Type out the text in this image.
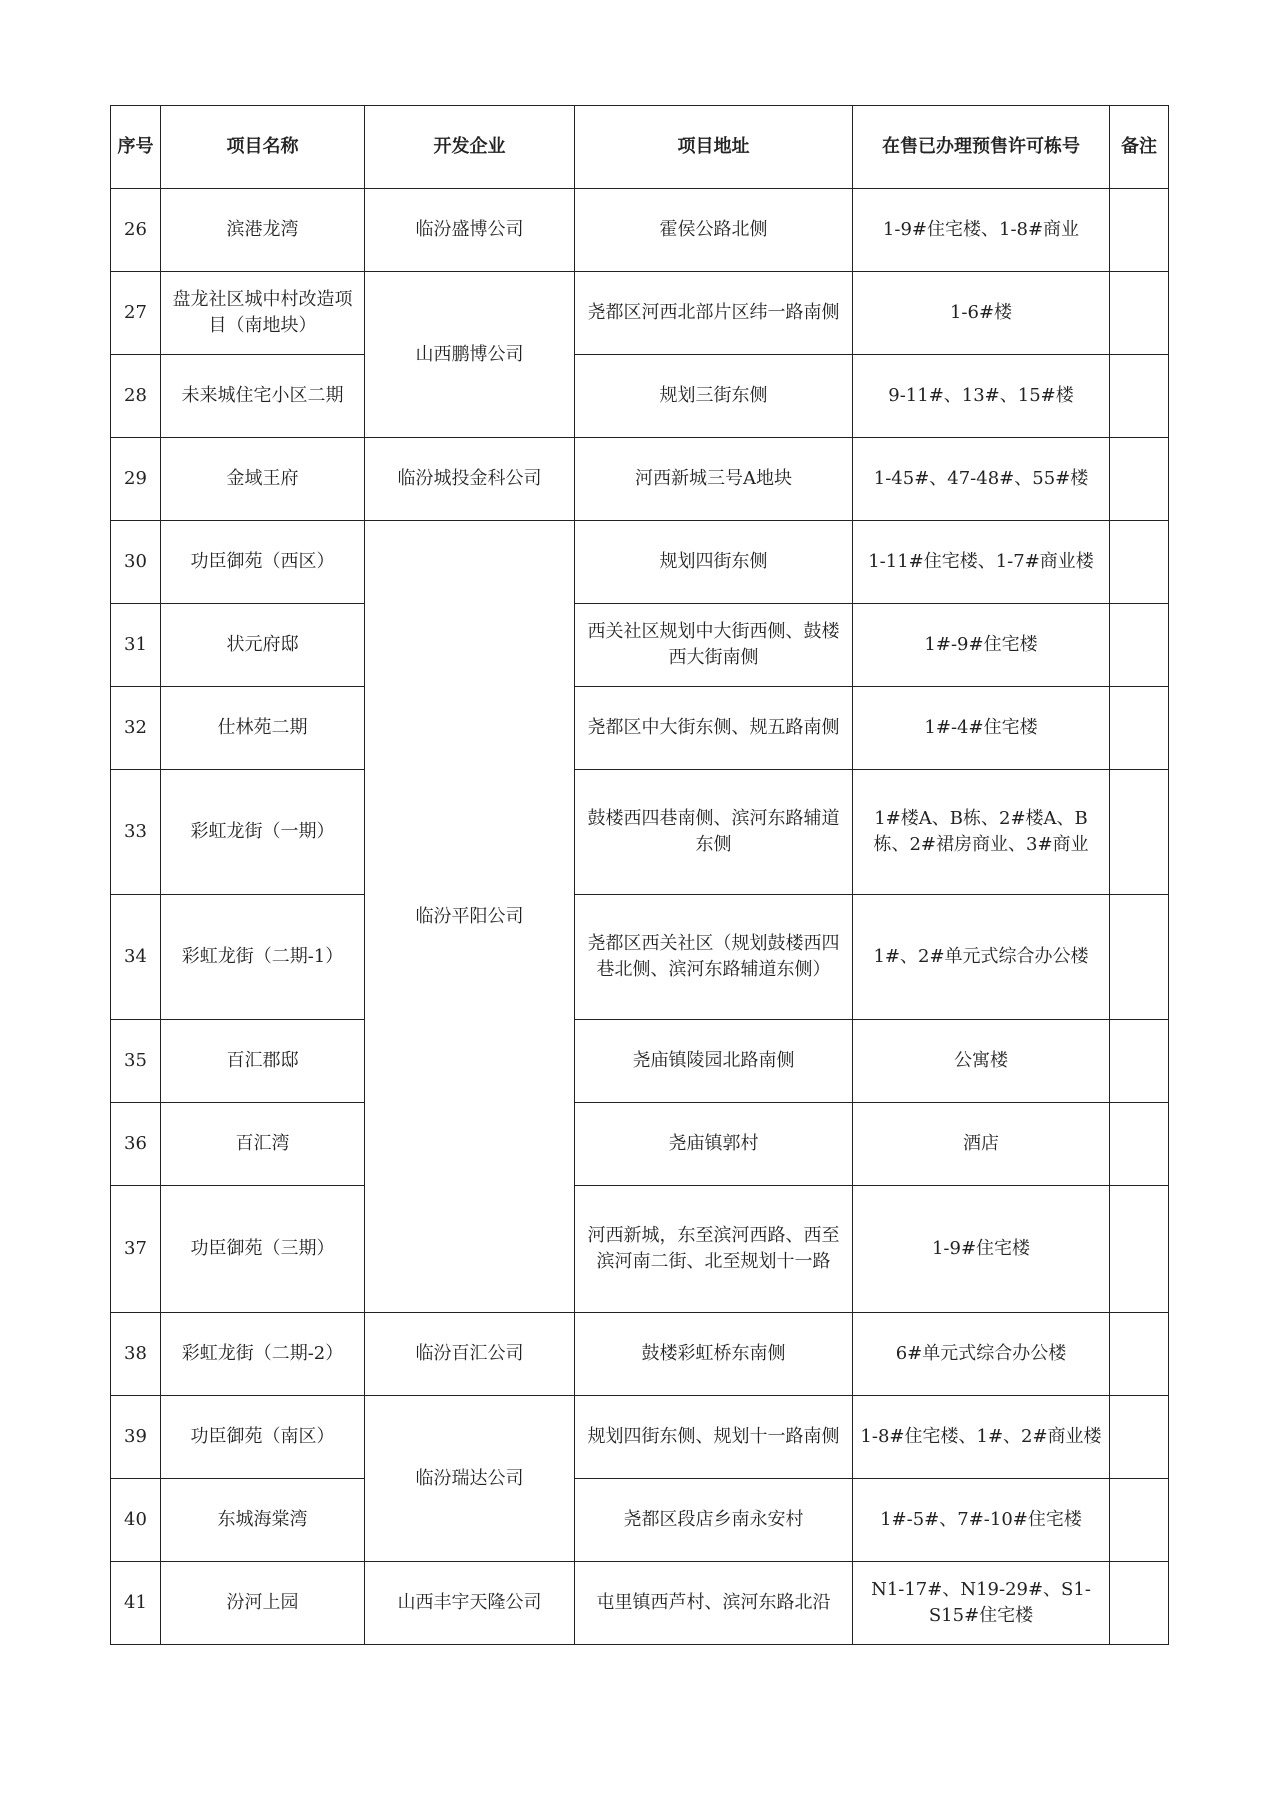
序号	项目名称	开发企业	项目地址	在售已办理预售许可栋号	备注
26	滨港龙湾	临汾盛博公司	霍侯公路北侧	1-9#住宅楼、1-8#商业	
27	盘龙社区城中村改造项目（南地块）	山西鹏博公司	尧都区河西北部片区纬一路南侧	1-6#楼	
28	未来城住宅小区二期		规划三街东侧	9-11#、13#、15#楼	
29	金域王府	临汾城投金科公司	河西新城三号A地块	1-45#、47-48#、55#楼	
30	功臣御苑（西区）	临汾平阳公司	规划四街东侧	1-11#住宅楼、1-7#商业楼	
31	状元府邸		西关社区规划中大街西侧、鼓楼西大街南侧	1#-9#住宅楼	
32	仕林苑二期		尧都区中大街东侧、规五路南侧	1#-4#住宅楼	
33	彩虹龙街（一期）		鼓楼西四巷南侧、滨河东路辅道东侧	1#楼A、B栋、2#楼A、B栋、2#裙房商业、3#商业	
34	彩虹龙街（二期-1）		尧都区西关社区（规划鼓楼西四巷北侧、滨河东路辅道东侧）	1#、2#单元式综合办公楼	
35	百汇郡邸		尧庙镇陵园北路南侧	公寓楼	
36	百汇湾		尧庙镇郭村	酒店	
37	功臣御苑（三期）		河西新城，东至滨河西路、西至滨河南二街、北至规划十一路	1-9#住宅楼	
38	彩虹龙街（二期-2）	临汾百汇公司	鼓楼彩虹桥东南侧	6#单元式综合办公楼	
39	功臣御苑（南区）	临汾瑞达公司	规划四街东侧、规划十一路南侧	1-8#住宅楼、1#、2#商业楼	
40	东城海棠湾		尧都区段店乡南永安村	1#-5#、7#-10#住宅楼	
41	汾河上园	山西丰宇天隆公司	屯里镇西芦村、滨河东路北沿	N1-17#、N19-29#、S1-S15#住宅楼	
